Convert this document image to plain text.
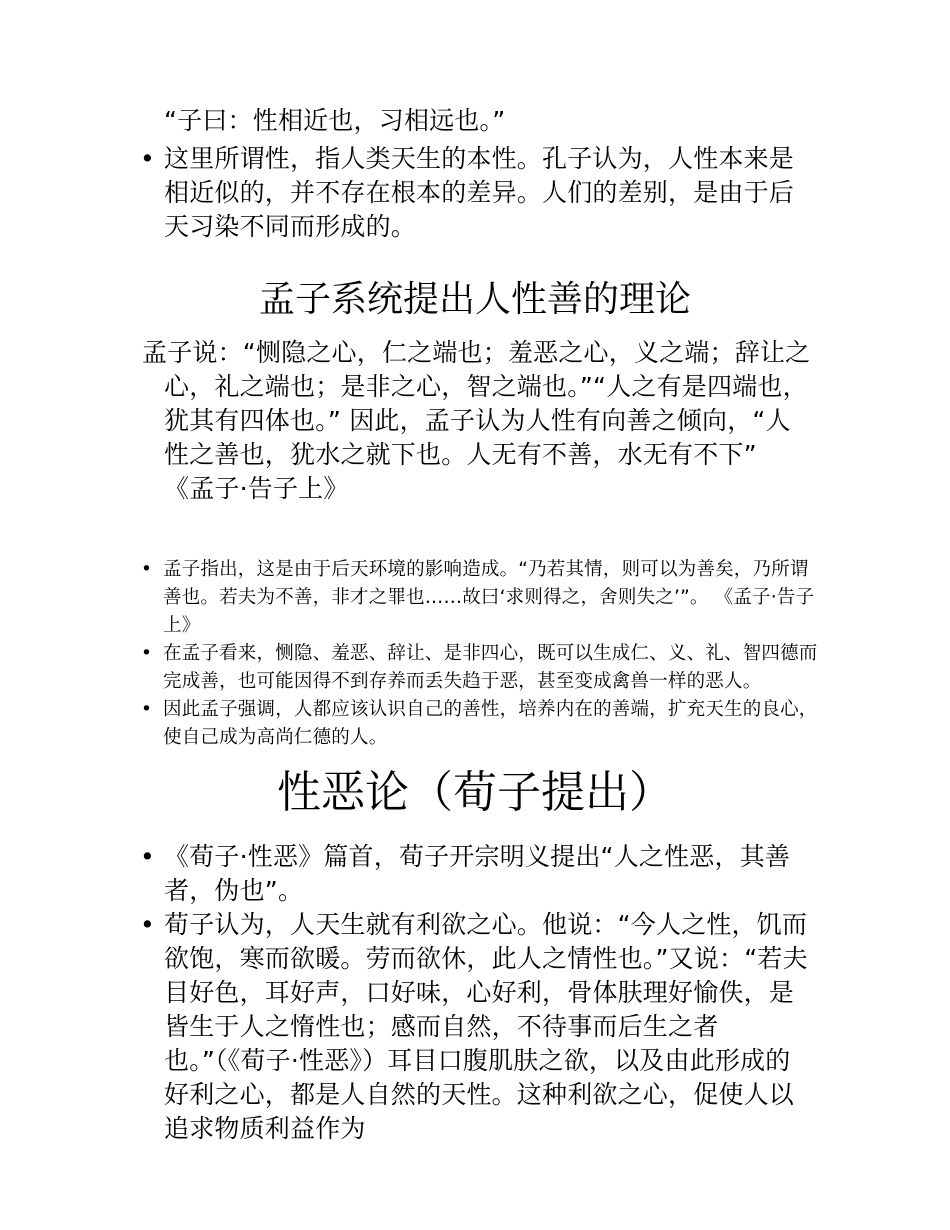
“子曰：性相近也，习相远也。”
• 这里所谓性，指人类天生的本性。孔子认为，人性本来是相近似的，并不存在根本的差异。人们的差别，是由于后天习染不同而形成的。
孟子系统提出人性善的理论
孟子说：“恻隐之心，仁之端也；羞恶之心，义之端；辞让之心，礼之端也；是非之心，智之端也。”“人之有是四端也，犹其有四体也。” 因此，孟子认为人性有向善之倾向，“人性之善也，犹水之就下也。人无有不善，水无有不下” 《孟子·告子上》
• 孟子指出，这是由于后天环境的影响造成。“乃若其情，则可以为善矣，乃所谓善也。若夫为不善，非才之罪也……故曰‘求则得之，舍则失之’”。 《孟子·告子上》
• 在孟子看来，恻隐、羞恶、辞让、是非四心，既可以生成仁、义、礼、智四德而完成善，也可能因得不到存养而丢失趋于恶，甚至变成禽兽一样的恶人。
• 因此孟子强调，人都应该认识自己的善性，培养内在的善端，扩充天生的良心，使自己成为高尚仁德的人。
性恶论（荀子提出）
• 《荀子·性恶》篇首，荀子开宗明义提出“人之性恶，其善者，伪也”。
• 荀子认为，人天生就有利欲之心。他说：“今人之性，饥而欲饱，寒而欲暖。劳而欲休，此人之情性也。”又说：“若夫目好色，耳好声，口好味，心好利，骨体肤理好愉佚，是皆生于人之惰性也；感而自然，不待事而后生之者也。”（《荀子·性恶》）耳目口腹肌肤之欲，以及由此形成的好利之心，都是人自然的天性。这种利欲之心，促使人以追求物质利益作为
